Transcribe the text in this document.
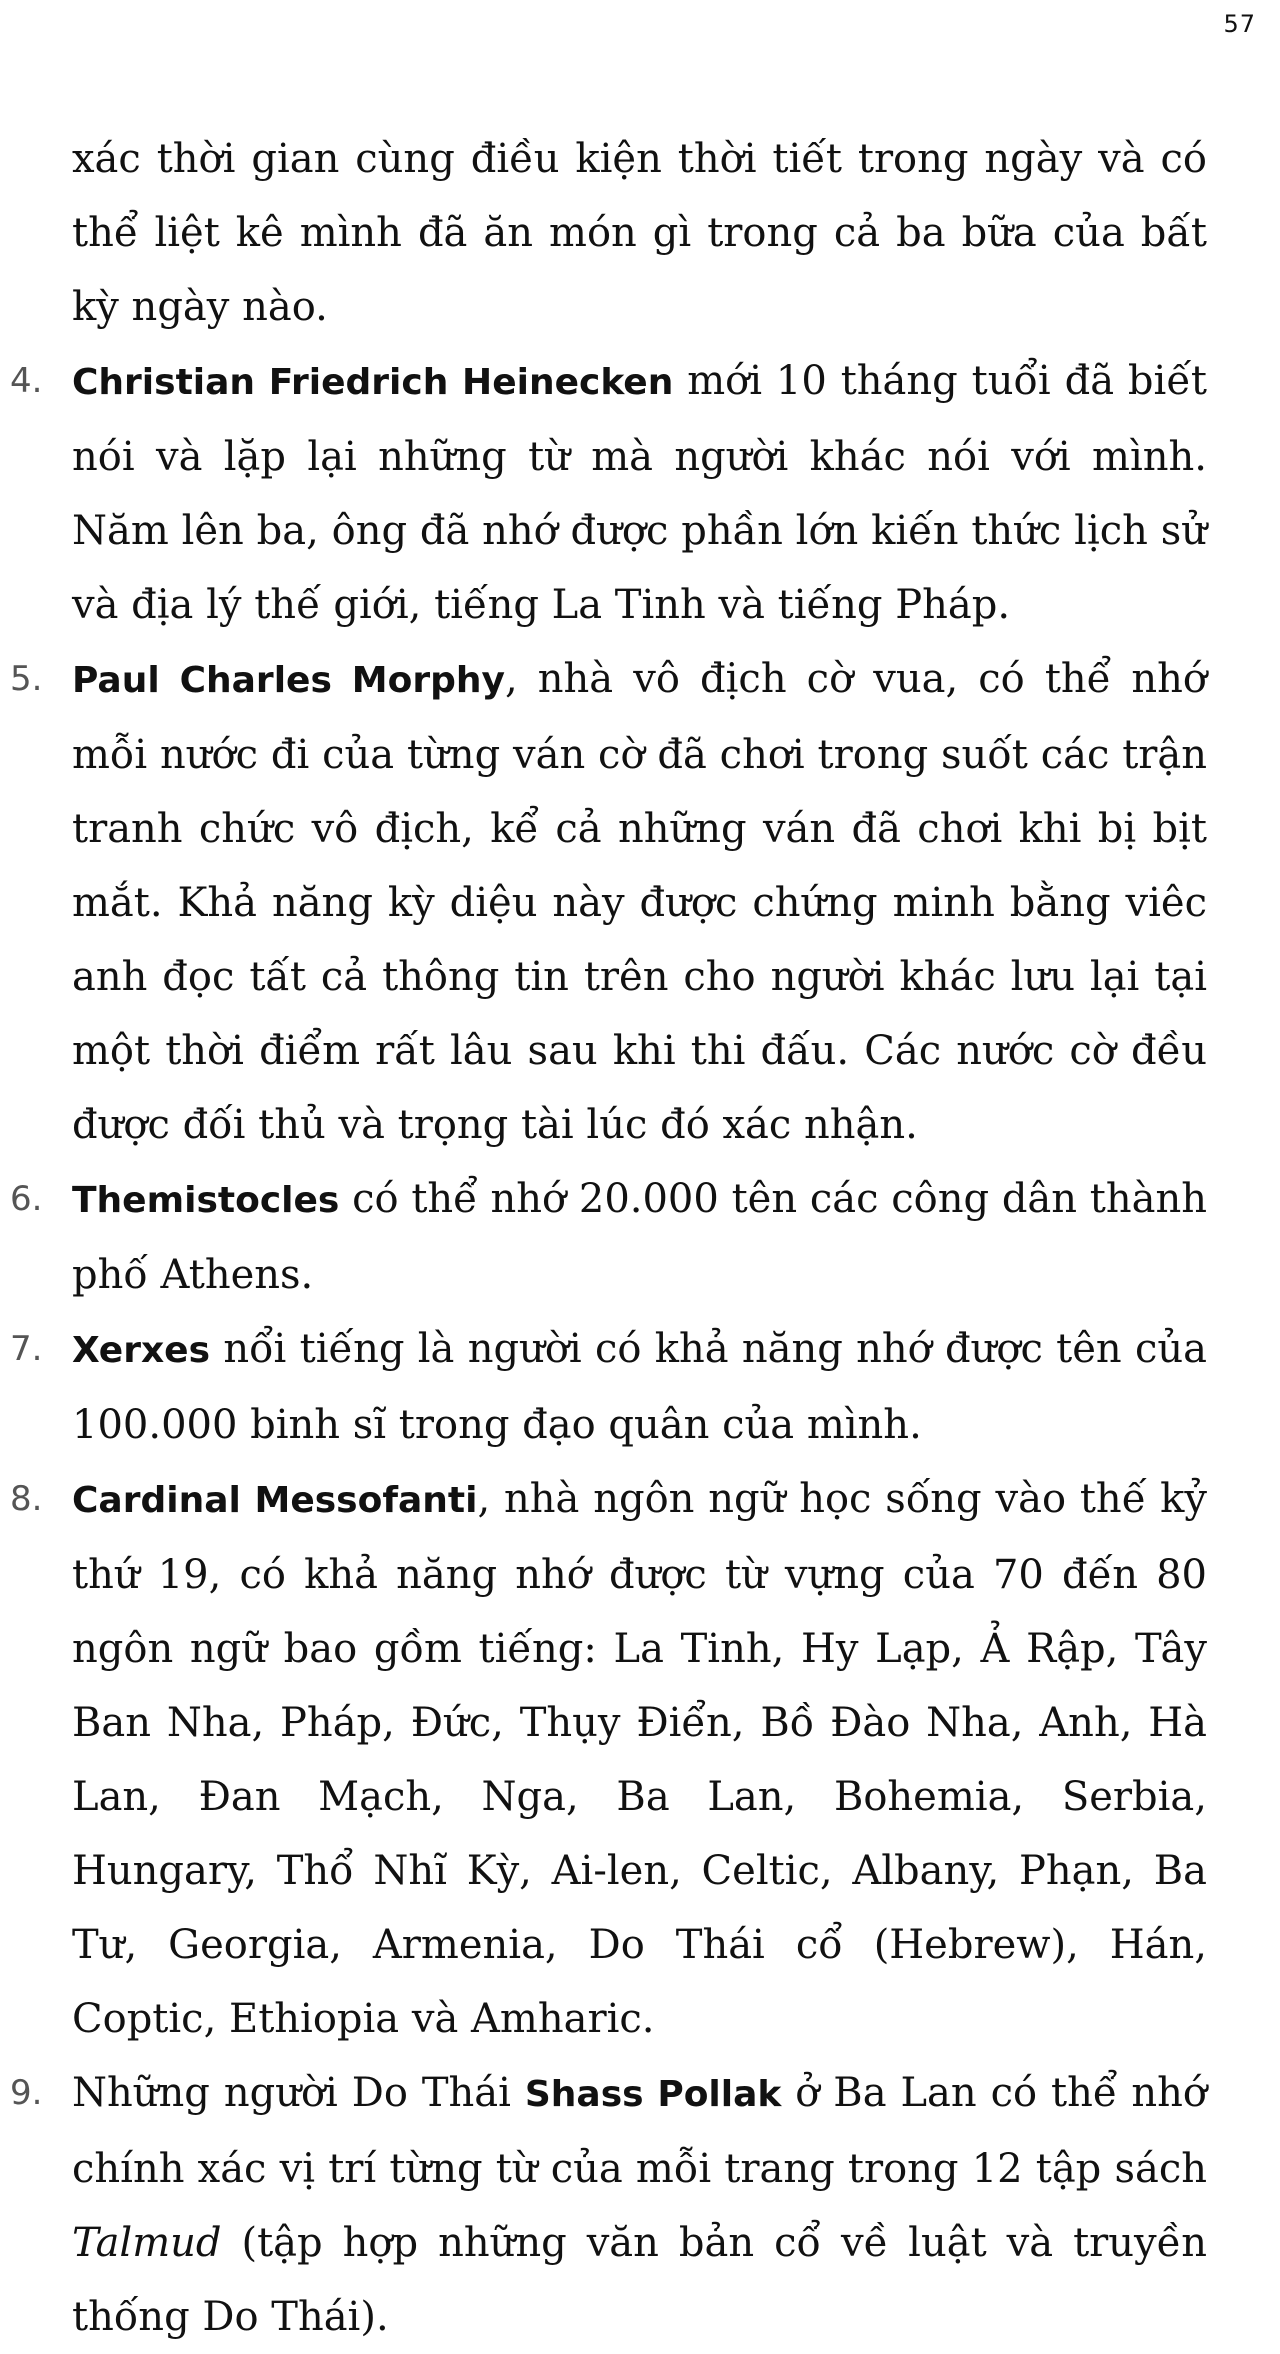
57

xác thời gian cùng điều kiện thời tiết trong ngày và có thể liệt kê mình đã ăn món gì trong cả ba bữa của bất kỳ ngày nào.

4. Christian Friedrich Heinecken mới 10 tháng tuổi đã biết nói và lặp lại những từ mà người khác nói với mình. Năm lên ba, ông đã nhớ được phần lớn kiến thức lịch sử và địa lý thế giới, tiếng La Tinh và tiếng Pháp.

5. Paul Charles Morphy, nhà vô địch cờ vua, có thể nhớ mỗi nước đi của từng ván cờ đã chơi trong suốt các trận tranh chức vô địch, kể cả những ván đã chơi khi bị bịt mắt. Khả năng kỳ diệu này được chứng minh bằng viêc anh đọc tất cả thông tin trên cho người khác lưu lại tại một thời điểm rất lâu sau khi thi đấu. Các nước cờ đều được đối thủ và trọng tài lúc đó xác nhận.

6. Themistocles có thể nhớ 20.000 tên các công dân thành phố Athens.

7. Xerxes nổi tiếng là người có khả năng nhớ được tên của 100.000 binh sĩ trong đạo quân của mình.

8. Cardinal Messofanti, nhà ngôn ngữ học sống vào thế kỷ thứ 19, có khả năng nhớ được từ vựng của 70 đến 80 ngôn ngữ bao gồm tiếng: La Tinh, Hy Lạp, Ả Rập, Tây Ban Nha, Pháp, Đức, Thụy Điển, Bồ Đào Nha, Anh, Hà Lan, Đan Mạch, Nga, Ba Lan, Bohemia, Serbia, Hungary, Thổ Nhĩ Kỳ, Ai-len, Celtic, Albany, Phạn, Ba Tư, Georgia, Armenia, Do Thái cổ (Hebrew), Hán, Coptic, Ethiopia và Amharic.

9. Những người Do Thái Shass Pollak ở Ba Lan có thể nhớ chính xác vị trí từng từ của mỗi trang trong 12 tập sách Talmud (tập hợp những văn bản cổ về luật và truyền thống Do Thái).
